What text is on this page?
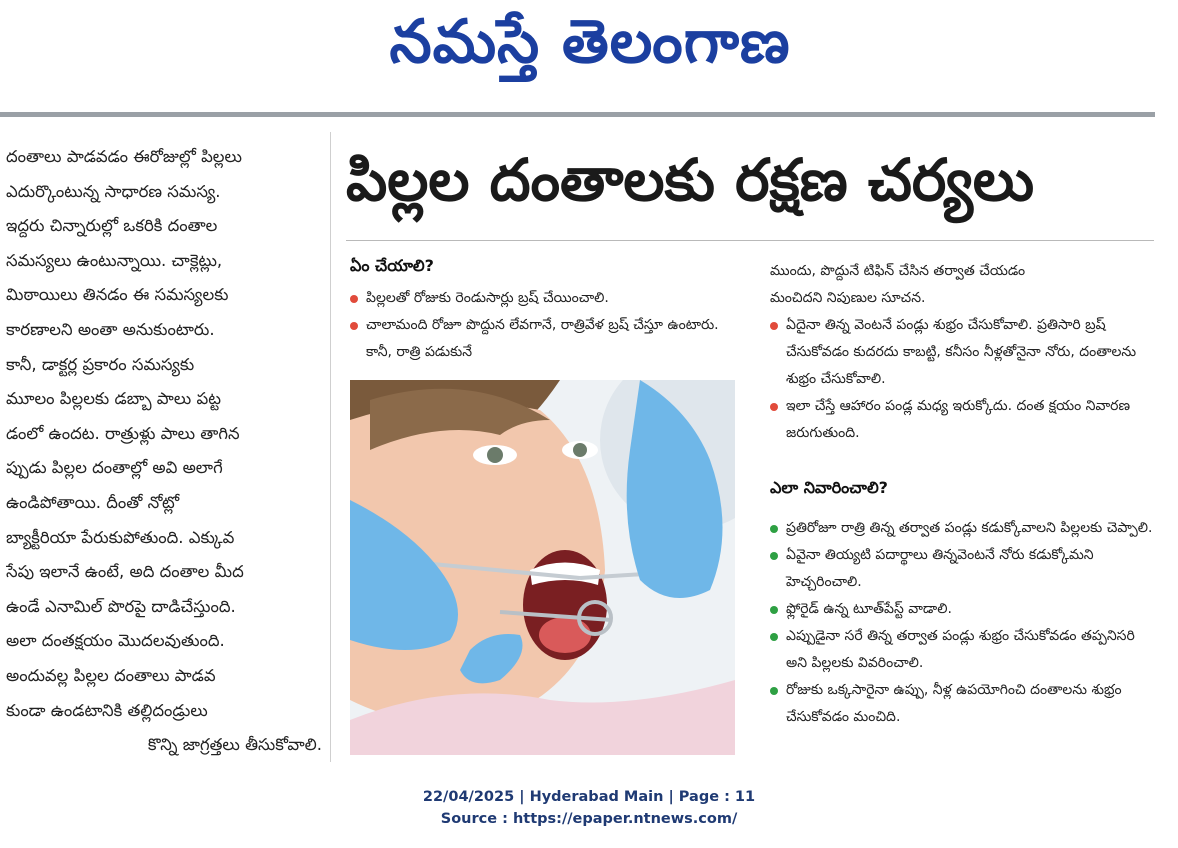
నమస్తే తెలంగాణ
దంతాలు పాడవడం ఈరోజుల్లో పిల్లలు
ఎదుర్కొంటున్న సాధారణ సమస్య.
ఇద్దరు చిన్నారుల్లో ఒకరికి దంతాల
సమస్యలు ఉంటున్నాయి. చాక్లెట్లు,
మిఠాయిలు తినడం ఈ సమస్యలకు
కారణాలని అంతా అనుకుంటారు.
కానీ, డాక్టర్ల ప్రకారం సమస్యకు
మూలం పిల్లలకు డబ్బా పాలు పట్ట
డంలో ఉందట. రాత్రుళ్లు పాలు తాగిన
ప్పుడు పిల్లల దంతాల్లో అవి అలాగే
ఉండిపోతాయి. దీంతో నోట్లో
బ్యాక్టీరియా పేరుకుపోతుంది. ఎక్కువ
సేపు ఇలానే ఉంటే, అది దంతాల మీద
ఉండే ఎనామిల్ పొరపై దాడిచేస్తుంది.
అలా దంతక్షయం మొదలవుతుంది.
అందువల్ల పిల్లల దంతాలు పాడవ
కుండా ఉండటానికి తల్లిదండ్రులు
కొన్ని జాగ్రత్తలు తీసుకోవాలి.
పిల్లల దంతాలకు రక్షణ చర్యలు
ఏం చేయాలి?
పిల్లలతో రోజుకు రెండుసార్లు బ్రష్ చేయించాలి.
చాలామంది రోజూ పొద్దున లేవగానే, రాత్రివేళ బ్రష్ చేస్తూ ఉంటారు. కానీ, రాత్రి పడుకునే
ముందు, పొద్దునే టిఫిన్ చేసిన తర్వాత చేయడం
మంచిదని నిపుణుల సూచన.
ఏదైనా తిన్న వెంటనే పండ్లు శుభ్రం చేసుకోవాలి. ప్రతిసారి బ్రష్ చేసుకోవడం కుదరదు కాబట్టి, కనీసం నీళ్లతోనైనా నోరు, దంతాలను శుభ్రం చేసుకోవాలి.
ఇలా చేస్తే ఆహారం పండ్ల మధ్య ఇరుక్కోదు. దంత క్షయం నివారణ జరుగుతుంది.
ఎలా నివారించాలి?
ప్రతిరోజూ రాత్రి తిన్న తర్వాత పండ్లు కడుక్కోవాలని పిల్లలకు చెప్పాలి.
ఏవైనా తియ్యటి పదార్థాలు తిన్నవెంటనే నోరు కడుక్కోమని హెచ్చరించాలి.
ఫ్లోరైడ్ ఉన్న టూత్‌పేస్ట్ వాడాలి.
ఎప్పుడైనా సరే తిన్న తర్వాత పండ్లు శుభ్రం చేసుకోవడం తప్పనిసరి అని పిల్లలకు వివరించాలి.
రోజుకు ఒక్కసారైనా ఉప్పు, నీళ్ల ఉపయోగించి దంతాలను శుభ్రం చేసుకోవడం మంచిది.
22/04/2025 | Hyderabad Main | Page : 11
Source : https://epaper.ntnews.com/
